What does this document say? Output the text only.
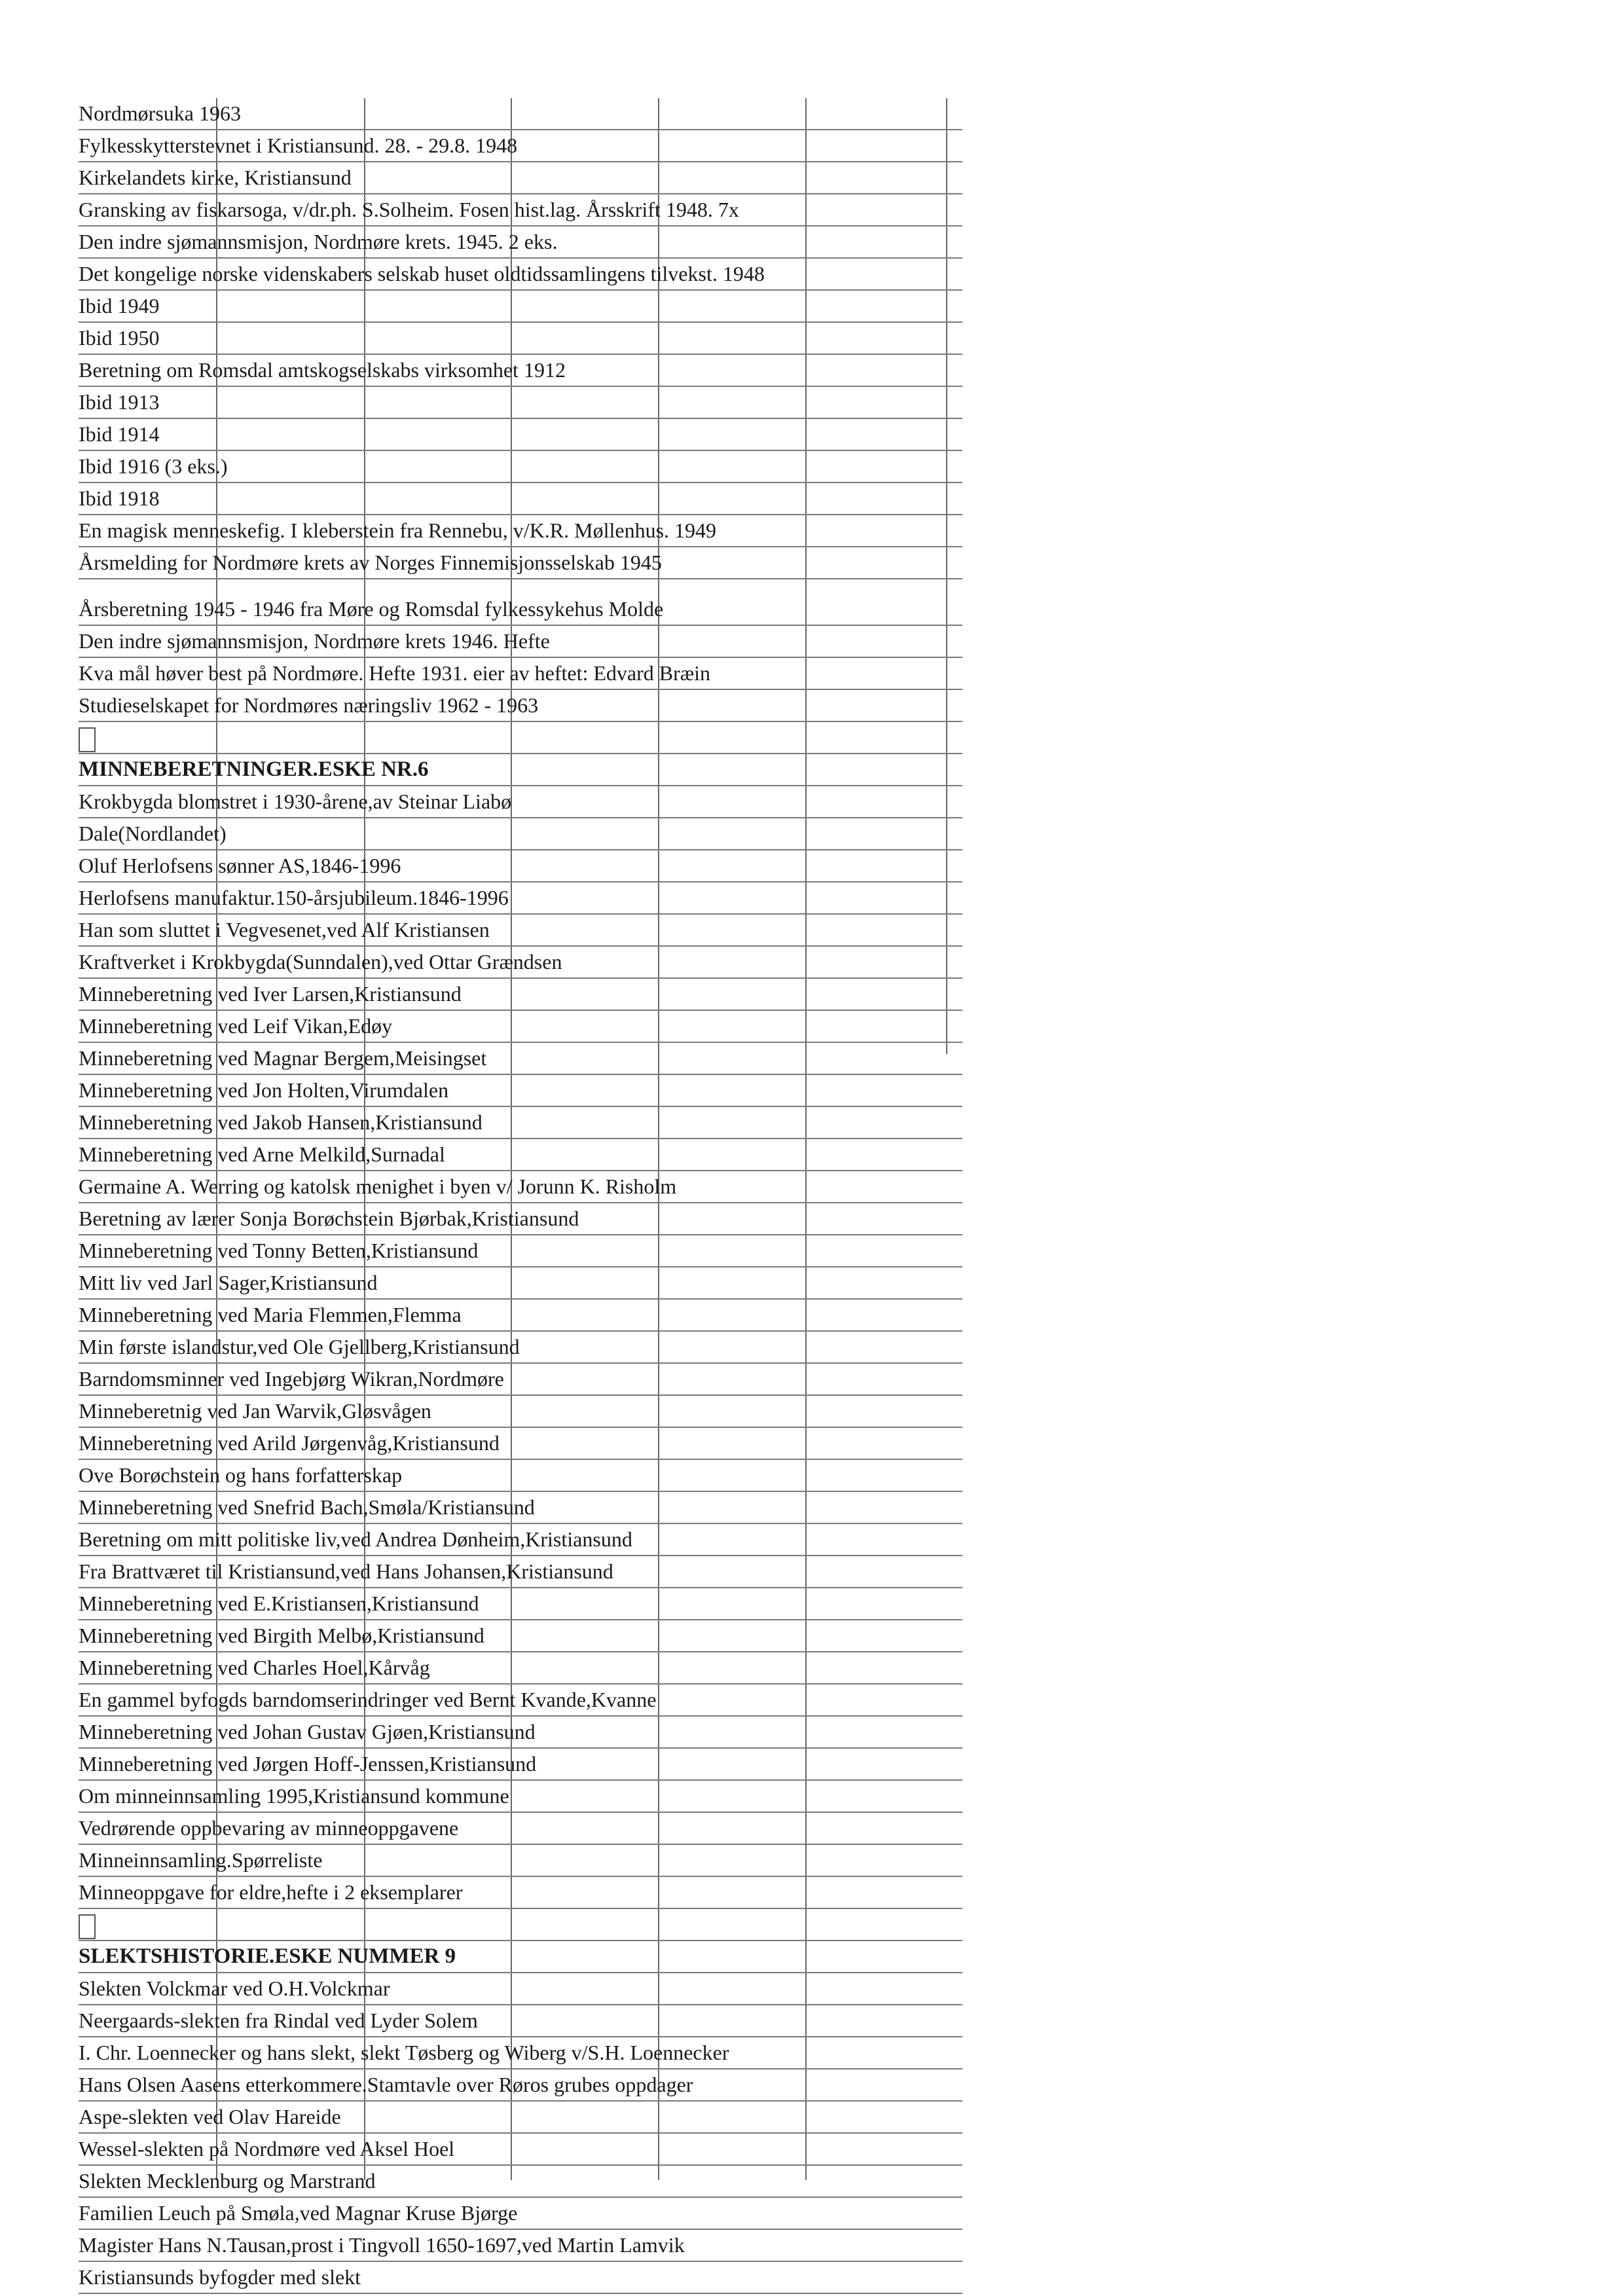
Nordmørsuka 1963
Fylkesskytterstevnet i Kristiansund. 28. - 29.8. 1948
Kirkelandets kirke, Kristiansund
Gransking av fiskarsoga, v/dr.ph. S.Solheim. Fosen hist.lag. Årsskrift 1948. 7x
Den indre sjømannsmisjon, Nordmøre krets. 1945. 2 eks.
Det kongelige norske videnskabers selskab huset oldtidssamlingens tilvekst. 1948
Ibid 1949
Ibid 1950
Beretning om Romsdal amtskogselskabs virksomhet 1912
Ibid 1913
Ibid 1914
Ibid 1916 (3 eks.)
Ibid 1918
En magisk menneskefig. I kleberstein fra Rennebu, v/K.R. Møllenhus. 1949
Årsmelding for Nordmøre krets av Norges Finnemisjonsselskab 1945
Årsberetning 1945 - 1946 fra Møre og Romsdal fylkessykehus Molde
Den indre sjømannsmisjon, Nordmøre krets 1946. Hefte
Kva mål høver best på Nordmøre. Hefte 1931. eier av heftet: Edvard Bræin
Studieselskapet for Nordmøres næringsliv 1962 - 1963
MINNEBERETNINGER.ESKE NR.6
Krokbygda blomstret i 1930-årene,av Steinar Liabø
Dale(Nordlandet)
Oluf Herlofsens sønner AS,1846-1996
Herlofsens manufaktur.150-årsjubileum.1846-1996
Han som sluttet i Vegvesenet,ved Alf Kristiansen
Kraftverket i Krokbygda(Sunndalen),ved Ottar Grændsen
Minneberetning ved Iver Larsen,Kristiansund
Minneberetning ved Leif Vikan,Edøy
Minneberetning ved Magnar Bergem,Meisingset
Minneberetning ved Jon Holten,Virumdalen
Minneberetning ved Jakob Hansen,Kristiansund
Minneberetning ved Arne Melkild,Surnadal
Germaine A. Werring og katolsk menighet i byen v/ Jorunn K. Risholm
Beretning av lærer Sonja Borøchstein Bjørbak,Kristiansund
Minneberetning ved Tonny Betten,Kristiansund
Mitt liv ved Jarl Sager,Kristiansund
Minneberetning ved Maria Flemmen,Flemma
Min første islandstur,ved Ole Gjellberg,Kristiansund
Barndomsminner ved Ingebjørg Wikran,Nordmøre
Minneberetnig ved Jan Warvik,Gløsvågen
Minneberetning ved Arild Jørgenvåg,Kristiansund
Ove Borøchstein og hans forfatterskap
Minneberetning ved Snefrid Bach,Smøla/Kristiansund
Beretning om mitt politiske liv,ved Andrea Dønheim,Kristiansund
Fra Brattværet til Kristiansund,ved Hans Johansen,Kristiansund
Minneberetning ved E.Kristiansen,Kristiansund
Minneberetning ved Birgith Melbø,Kristiansund
Minneberetning ved Charles Hoel,Kårvåg
En gammel byfogds barndomserindringer ved Bernt Kvande,Kvanne
Minneberetning ved Johan Gustav Gjøen,Kristiansund
Minneberetning ved Jørgen Hoff-Jenssen,Kristiansund
Om minneinnsamling 1995,Kristiansund kommune
Vedrørende oppbevaring av minneoppgavene
Minneinnsamling.Spørreliste
Minneoppgave for eldre,hefte i 2 eksemplarer
SLEKTSHISTORIE.ESKE NUMMER 9
Slekten Volckmar ved O.H.Volckmar
Neergaards-slekten fra Rindal ved Lyder Solem
I. Chr. Loennecker og hans slekt, slekt Tøsberg og Wiberg v/S.H. Loennecker
Hans Olsen Aasens etterkommere.Stamtavle over Røros grubes oppdager
Aspe-slekten ved Olav Hareide
Wessel-slekten på Nordmøre ved Aksel Hoel
Slekten Mecklenburg og Marstrand
Familien Leuch på Smøla,ved Magnar Kruse Bjørge
Magister Hans N.Tausan,prost i Tingvoll 1650-1697,ved Martin Lamvik
Kristiansunds byfogder med slekt
